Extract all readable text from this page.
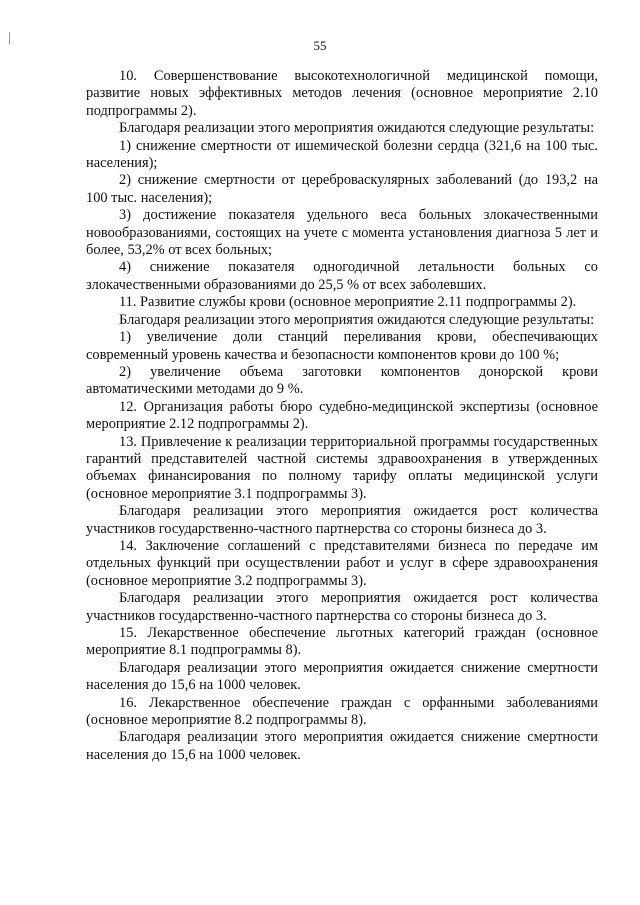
55

10. Совершенствование высокотехнологичной медицинской помощи, развитие новых эффективных методов лечения (основное мероприятие 2.10 подпрограммы 2).

Благодаря реализации этого мероприятия ожидаются следующие результаты:

1) снижение смертности от ишемической болезни сердца (321,6 на 100 тыс. населения);

2) снижение смертности от цереброваскулярных заболеваний (до 193,2 на 100 тыс. населения);

3) достижение показателя удельного веса больных злокачественными новообразованиями, состоящих на учете с момента установления диагноза 5 лет и более, 53,2% от всех больных;

4) снижение показателя одногодичной летальности больных со злокачественными образованиями до 25,5 % от всех заболевших.

11. Развитие службы крови (основное мероприятие 2.11 подпрограммы 2).

Благодаря реализации этого мероприятия ожидаются следующие результаты:

1) увеличение доли станций переливания крови, обеспечивающих современный уровень качества и безопасности компонентов крови до 100 %;

2) увеличение объема заготовки компонентов донорской крови автоматическими методами до 9 %.

12. Организация работы бюро судебно-медицинской экспертизы (основное мероприятие 2.12 подпрограммы 2).

13. Привлечение к реализации территориальной программы государственных гарантий представителей частной системы здравоохранения в утвержденных объемах финансирования по полному тарифу оплаты медицинской услуги (основное мероприятие 3.1 подпрограммы 3).

Благодаря реализации этого мероприятия ожидается рост количества участников государственно-частного партнерства со стороны бизнеса до 3.

14. Заключение соглашений с представителями бизнеса по передаче им отдельных функций при осуществлении работ и услуг в сфере здравоохранения (основное мероприятие 3.2 подпрограммы 3).

Благодаря реализации этого мероприятия ожидается рост количества участников государственно-частного партнерства со стороны бизнеса до 3.

15. Лекарственное обеспечение льготных категорий граждан (основное мероприятие 8.1 подпрограммы 8).

Благодаря реализации этого мероприятия ожидается снижение смертности населения до 15,6 на 1000 человек.

16. Лекарственное обеспечение граждан с орфанными заболеваниями (основное мероприятие 8.2 подпрограммы 8).

Благодаря реализации этого мероприятия ожидается снижение смертности населения до 15,6 на 1000 человек.
